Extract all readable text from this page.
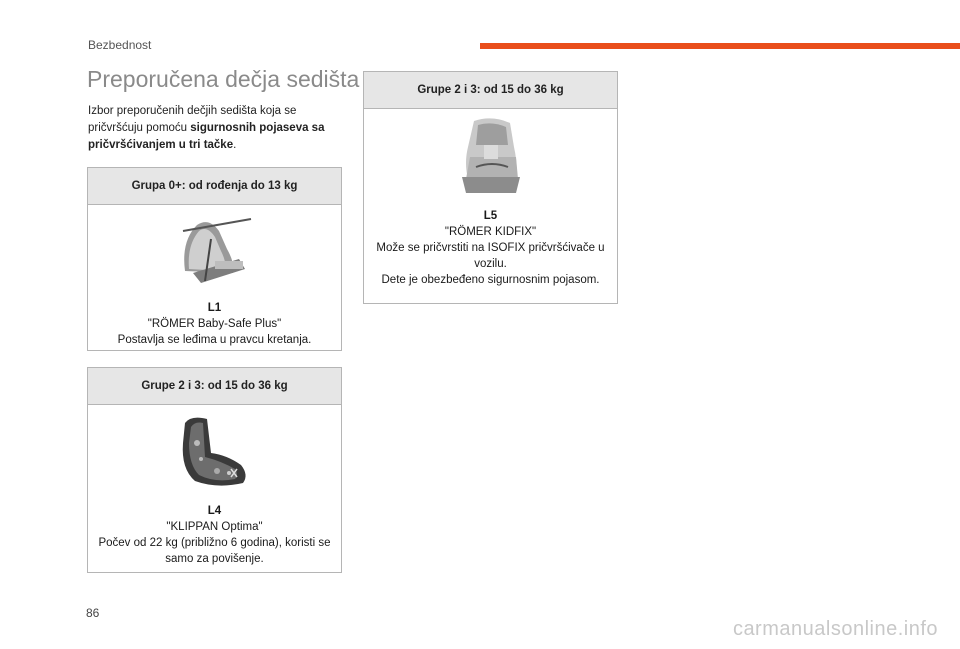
Bezbednost
Preporučena dečja sedišta
Izbor preporučenih dečjih sedišta koja se pričvršćuju pomoću sigurnosnih pojaseva sa pričvršćivanjem u tri tačke.
Grupa 0+: od rođenja do 13 kg
L1
"RÖMER Baby-Safe Plus"
Postavlja se leđima u pravcu kretanja.
Grupe 2 i 3: od 15 do 36 kg
L4
"KLIPPAN Optima"
Počev od 22 kg (približno 6 godina), koristi se samo za povišenje.
Grupe 2 i 3: od 15 do 36 kg
L5
"RÖMER KIDFIX"
Može se pričvrstiti na ISOFIX pričvršćivače u vozilu.
Dete je obezbeđeno sigurnosnim pojasom.
86
carmanualsonline.info
